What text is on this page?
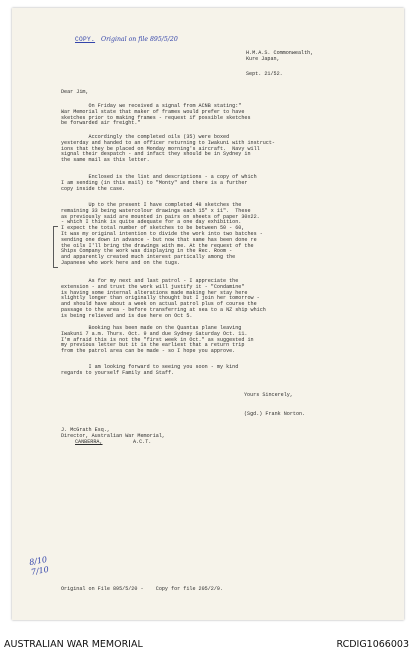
COPY. Original on file 895/5/20
H.M.A.S. Commonwealth,
Kure Japan,
Sept. 21/52.
Dear Jim,
On Friday we received a signal from ACNB stating:"
War Memorial state that maker of frames would prefer to have
sketches prior to making frames - request if possible sketches
be forwarded air freight."
Accordingly the completed oils (35) were boxed
yesterday and handed to an officer returning to Iwakuni with instruct-
ions that they be placed on Monday morning's aircraft.  Navy will
signal their despatch - and infact they should be in Sydney in
the same mail as this letter.
Enclosed is the list and descriptions - a copy of which
I am sending (in this mail) to "Monty" and there is a further
copy inside the case.
Up to the present I have completed 48 sketches the
remaining 33 being watercolour drawings each 15" x 11".  These
as previously said are mounted in pairs on sheets of paper 30x22.
- which I think is quite adequate for a one day exhibition.
I expect the total number of sketches to be between 50 - 60,
It was my original intention to divide the work into two batches -
sending one down in advance - but now that same has been done re
the oils I'll bring the drawings with me. At the request of the
Ships Company the work was displaying in the Rec. Room -
and apparently created much interest partically among the
Japanese who work here and on the tugs.
As for my next and last patrol - I appreciate the
extension - and trust the work will justify it - "Condamine"
is having some internal alterations made making her stay here
slightly longer than originally thought but I join her tomorrow -
and should have about a week on actual patrol plus of course the
passage to the area - before transferring at sea to a NZ ship which
is being relieved and is due here on Oct 5.
Booking has been made on the Quantas plane leaving
Iwakuni 7 a.m. Thurs. Oct. 9 and due Sydney Saturday Oct. 11.
I'm afraid this is not the "first week in Oct." as suggested in
my previous letter but it is the earliest that a return trip
from the patrol area can be made - so I hope you approve.
I am looking forward to seeing you soon - my kind
regards to yourself Family and Staff.
Yours Sincerely,
(Sgd.) Frank Norton.
J. McGrath Esq.,
Director, Australian War Memorial,
CANBERRA,	A.C.T.
8/10 7/10
Original on File 895/5/20 -    Copy for file 205/2/9.
AUSTRALIAN WAR MEMORIAL	RCDIG1066003
